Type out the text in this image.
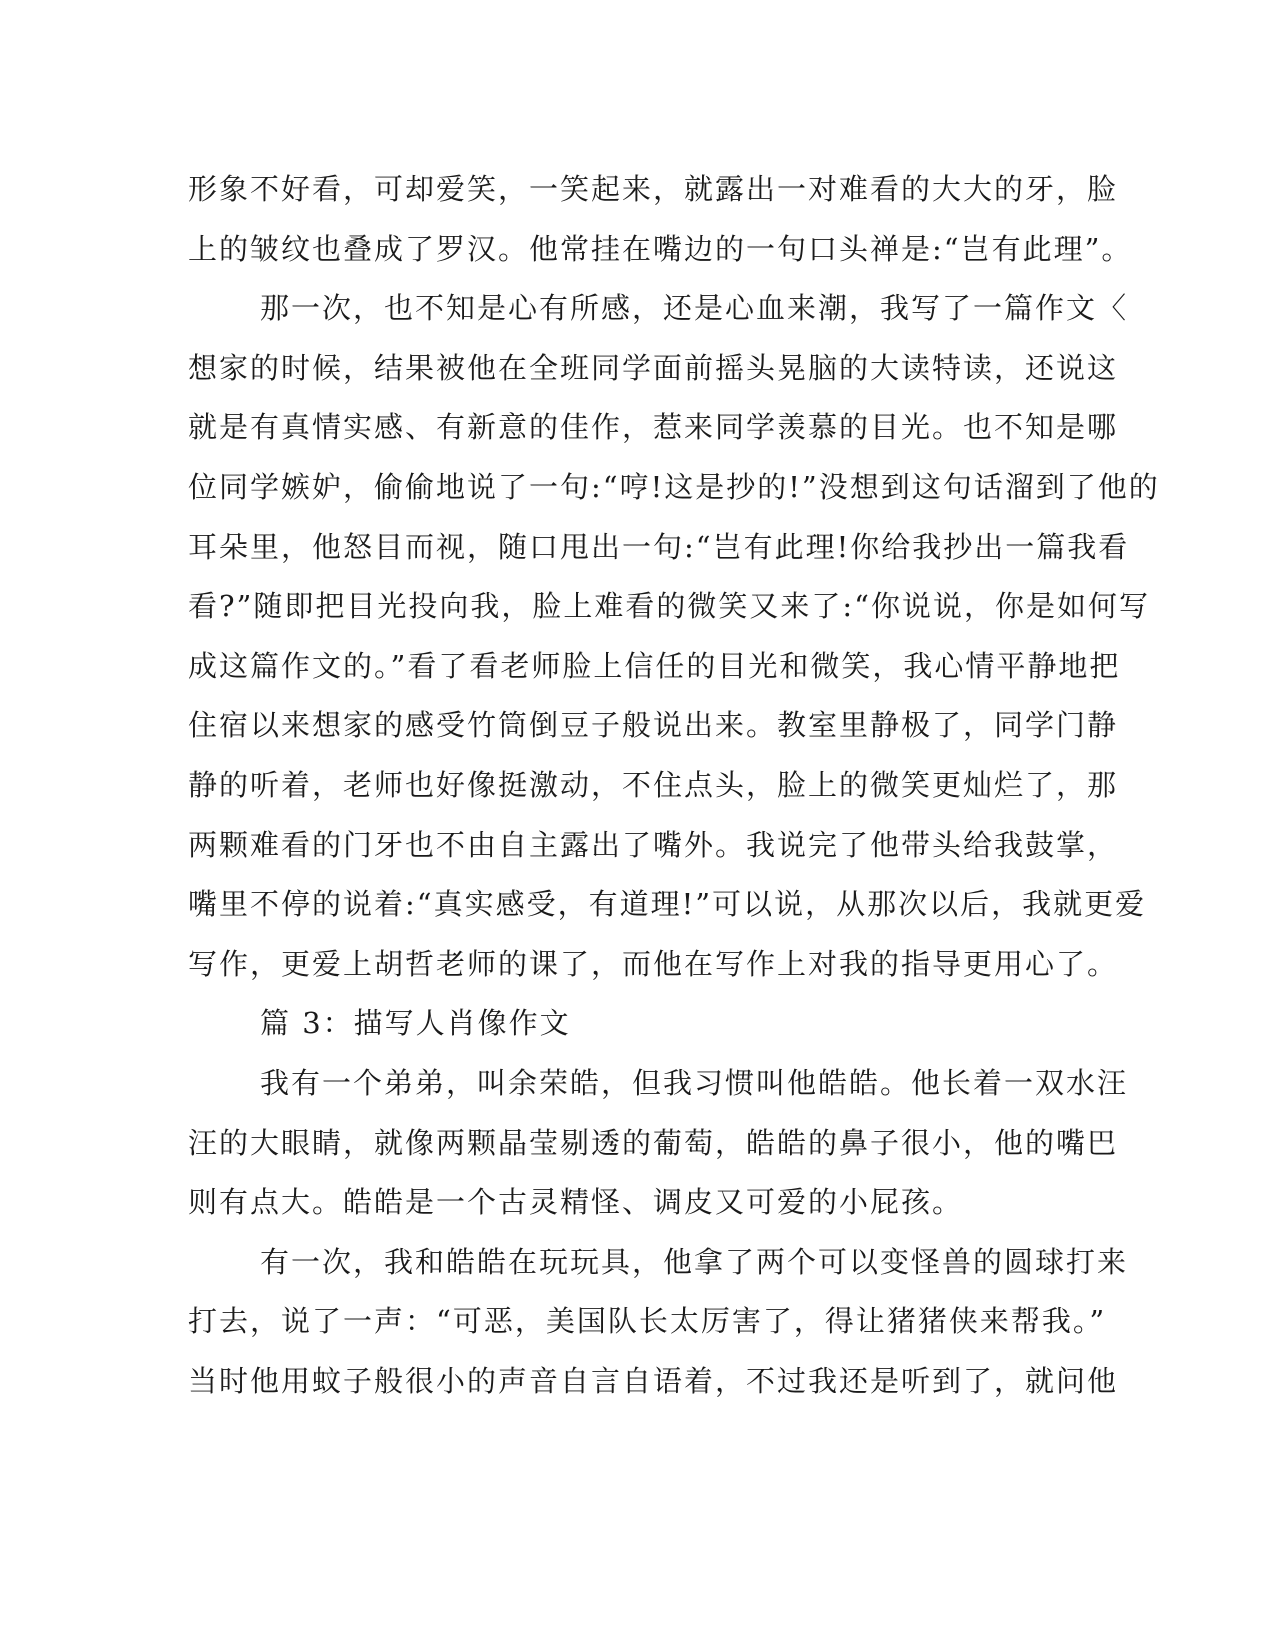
形象不好看，可却爱笑，一笑起来，就露出一对难看的大大的牙，脸
上的皱纹也叠成了罗汉。他常挂在嘴边的一句口头禅是:“岂有此理”。
那一次，也不知是心有所感，还是心血来潮，我写了一篇作文〈
想家的时候，结果被他在全班同学面前摇头晃脑的大读特读，还说这
就是有真情实感、有新意的佳作，惹来同学羡慕的目光。也不知是哪
位同学嫉妒，偷偷地说了一句:“哼!这是抄的!”没想到这句话溜到了他的
耳朵里，他怒目而视，随口甩出一句:“岂有此理!你给我抄出一篇我看
看?”随即把目光投向我，脸上难看的微笑又来了:“你说说，你是如何写
成这篇作文的。”看了看老师脸上信任的目光和微笑，我心情平静地把
住宿以来想家的感受竹筒倒豆子般说出来。教室里静极了，同学门静
静的听着，老师也好像挺激动，不住点头，脸上的微笑更灿烂了，那
两颗难看的门牙也不由自主露出了嘴外。我说完了他带头给我鼓掌，
嘴里不停的说着:“真实感受，有道理!”可以说，从那次以后，我就更爱
写作，更爱上胡哲老师的课了，而他在写作上对我的指导更用心了。
篇 3：描写人肖像作文
我有一个弟弟，叫余荣皓，但我习惯叫他皓皓。他长着一双水汪
汪的大眼睛，就像两颗晶莹剔透的葡萄，皓皓的鼻子很小，他的嘴巴
则有点大。皓皓是一个古灵精怪、调皮又可爱的小屁孩。
有一次，我和皓皓在玩玩具，他拿了两个可以变怪兽的圆球打来
打去，说了一声：“可恶，美国队长太厉害了，得让猪猪侠来帮我。”
当时他用蚊子般很小的声音自言自语着，不过我还是听到了，就问他
